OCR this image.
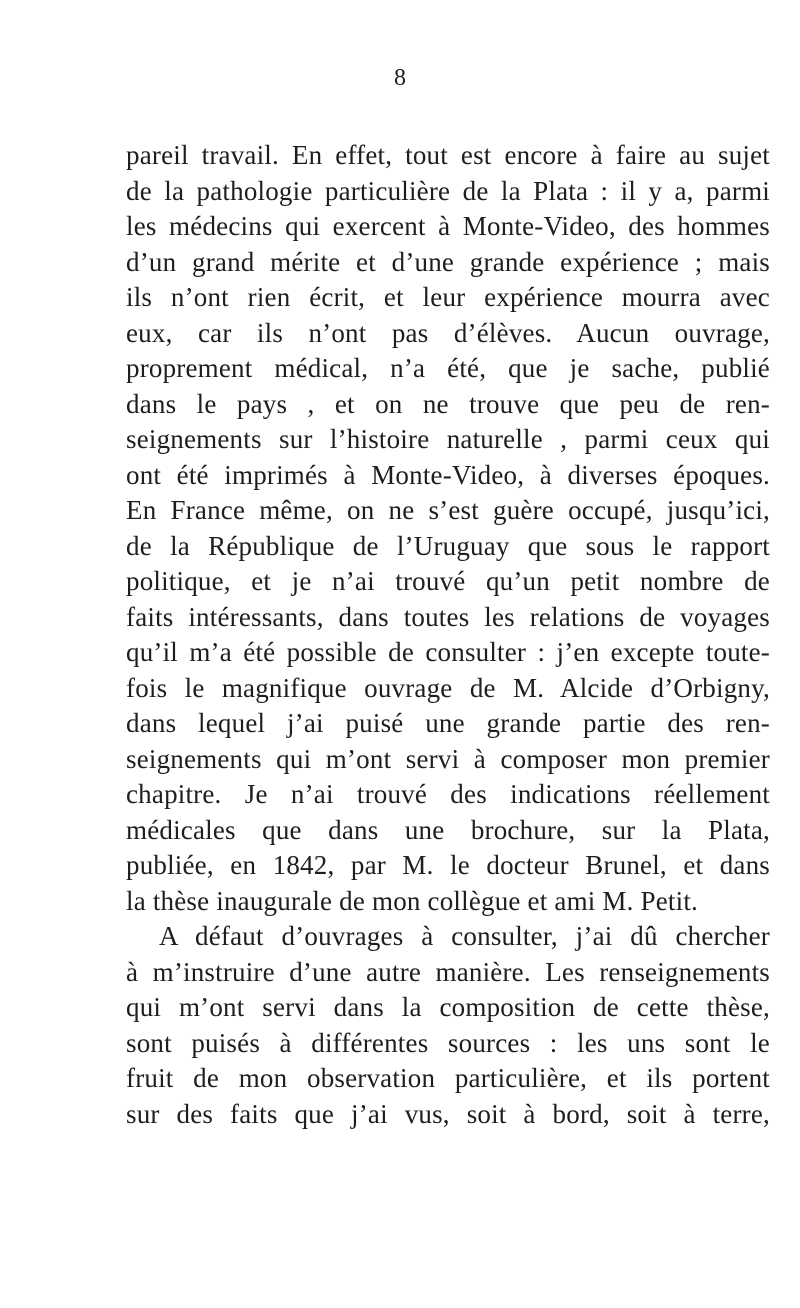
8
pareil travail. En effet, tout est encore à faire au sujet
de la pathologie particulière de la Plata : il y a, parmi
les médecins qui exercent à Monte-Video, des hommes
d’un grand mérite et d’une grande expérience ; mais
ils n’ont rien écrit, et leur expérience mourra avec
eux, car ils n’ont pas d’élèves. Aucun ouvrage,
proprement médical, n’a été, que je sache, publié
dans le pays , et on ne trouve que peu de ren-
seignements sur l’histoire naturelle , parmi ceux qui
ont été imprimés à Monte-Video, à diverses époques.
En France même, on ne s’est guère occupé, jusqu’ici,
de la République de l’Uruguay que sous le rapport
politique, et je n’ai trouvé qu’un petit nombre de
faits intéressants, dans toutes les relations de voyages
qu’il m’a été possible de consulter : j’en excepte toute-
fois le magnifique ouvrage de M. Alcide d’Orbigny,
dans lequel j’ai puisé une grande partie des ren-
seignements qui m’ont servi à composer mon premier
chapitre. Je n’ai trouvé des indications réellement
médicales que dans une brochure, sur la Plata,
publiée, en 1842, par M. le docteur Brunel, et dans
la thèse inaugurale de mon collègue et ami M. Petit.
A défaut d’ouvrages à consulter, j’ai dû chercher
à m’instruire d’une autre manière. Les renseignements
qui m’ont servi dans la composition de cette thèse,
sont puisés à différentes sources : les uns sont le
fruit de mon observation particulière, et ils portent
sur des faits que j’ai vus, soit à bord, soit à terre,
